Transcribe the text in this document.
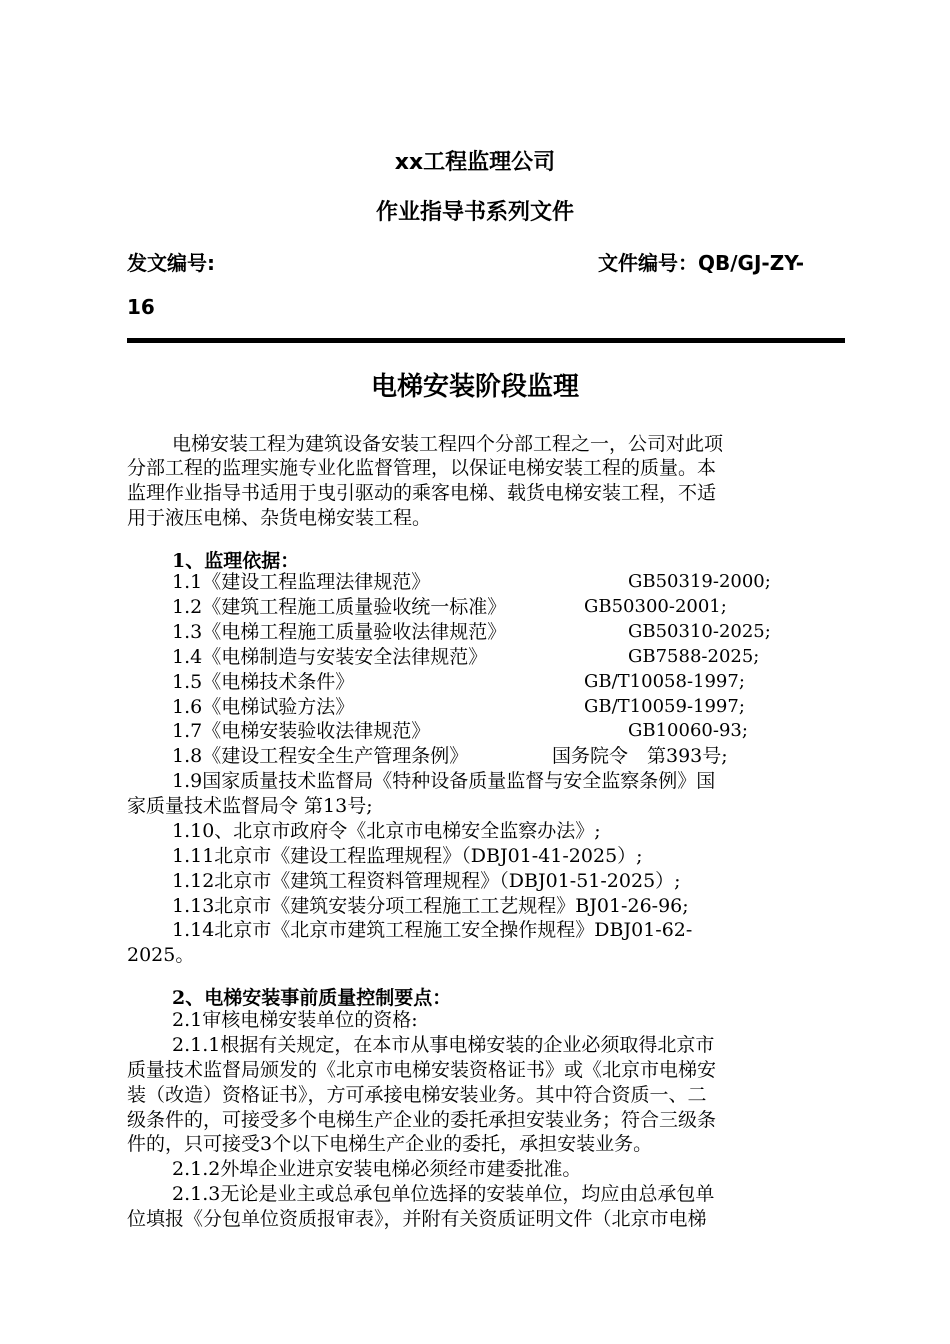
xx工程监理公司
作业指导书系列文件
发文编号:	文件编号：QB/GJ-ZY-
16
电梯安装阶段监理
电梯安装工程为建筑设备安装工程四个分部工程之一，公司对此项
分部工程的监理实施专业化监督管理，以保证电梯安装工程的质量。本
监理作业指导书适用于曳引驱动的乘客电梯、载货电梯安装工程，不适
用于液压电梯、杂货电梯安装工程。
1、监理依据：
1.1《建设工程监理法律规范》	GB50319-2000;
1.2《建筑工程施工质量验收统一标准》	GB50300-2001;
1.3《电梯工程施工质量验收法律规范》	GB50310-2025;
1.4《电梯制造与安装安全法律规范》	GB7588-2025;
1.5《电梯技术条件》	GB/T10058-1997;
1.6《电梯试验方法》	GB/T10059-1997;
1.7《电梯安装验收法律规范》	GB10060-93;
1.8《建设工程安全生产管理条例》	国务院令　第393号;
1.9国家质量技术监督局《特种设备质量监督与安全监察条例》国
家质量技术监督局令 第13号;
1.10、北京市政府令《北京市电梯安全监察办法》;
1.11北京市《建设工程监理规程》（DBJ01-41-2025）;
1.12北京市《建筑工程资料管理规程》（DBJ01-51-2025）;
1.13北京市《建筑安装分项工程施工工艺规程》BJ01-26-96;
1.14北京市《北京市建筑工程施工安全操作规程》DBJ01-62-
2025。
2、电梯安装事前质量控制要点：
2.1审核电梯安装单位的资格:
2.1.1根据有关规定，在本市从事电梯安装的企业必须取得北京市
质量技术监督局颁发的《北京市电梯安装资格证书》或《北京市电梯安
装（改造）资格证书》，方可承接电梯安装业务。其中符合资质一、二
级条件的，可接受多个电梯生产企业的委托承担安装业务；符合三级条
件的，只可接受3个以下电梯生产企业的委托，承担安装业务。
2.1.2外埠企业进京安装电梯必须经市建委批准。
2.1.3无论是业主或总承包单位选择的安装单位，均应由总承包单
位填报《分包单位资质报审表》，并附有关资质证明文件（北京市电梯
